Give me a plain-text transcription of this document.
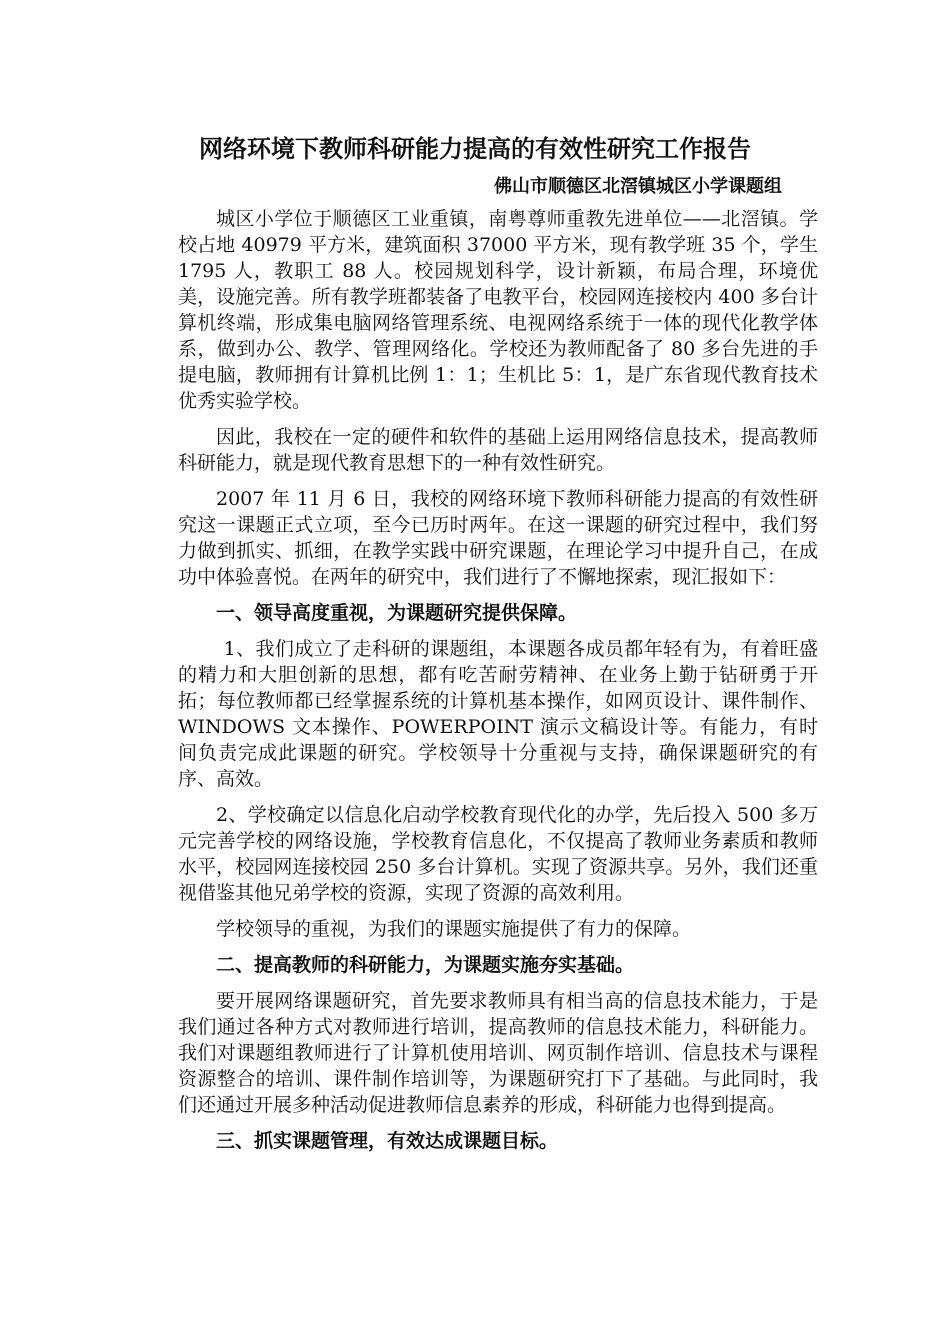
网络环境下教师科研能力提高的有效性研究工作报告
佛山市顺德区北滘镇城区小学课题组

城区小学位于顺德区工业重镇，南粤尊师重教先进单位——北滘镇。学校占地 40979 平方米，建筑面积 37000 平方米，现有教学班 35 个，学生 1795 人，教职工 88 人。校园规划科学，设计新颖，布局合理，环境优美，设施完善。所有教学班都装备了电教平台，校园网连接校内 400 多台计算机终端，形成集电脑网络管理系统、电视网络系统于一体的现代化教学体系，做到办公、教学、管理网络化。学校还为教师配备了 80 多台先进的手提电脑，教师拥有计算机比例 1：1；生机比 5：1，是广东省现代教育技术优秀实验学校。

因此，我校在一定的硬件和软件的基础上运用网络信息技术，提高教师科研能力，就是现代教育思想下的一种有效性研究。

2007 年 11 月 6 日，我校的网络环境下教师科研能力提高的有效性研究这一课题正式立项，至今已历时两年。在这一课题的研究过程中，我们努力做到抓实、抓细，在教学实践中研究课题，在理论学习中提升自己，在成功中体验喜悦。在两年的研究中，我们进行了不懈地探索，现汇报如下：

一、领导高度重视，为课题研究提供保障。

1、我们成立了走科研的课题组，本课题各成员都年轻有为，有着旺盛的精力和大胆创新的思想，都有吃苦耐劳精神、在业务上勤于钻研勇于开拓；每位教师都已经掌握系统的计算机基本操作，如网页设计、课件制作、WINDOWS 文本操作、POWERPOINT 演示文稿设计等。有能力，有时间负责完成此课题的研究。学校领导十分重视与支持，确保课题研究的有序、高效。

2、学校确定以信息化启动学校教育现代化的办学，先后投入 500 多万元完善学校的网络设施，学校教育信息化，不仅提高了教师业务素质和教师水平，校园网连接校园 250 多台计算机。实现了资源共享。另外，我们还重视借鉴其他兄弟学校的资源，实现了资源的高效利用。

学校领导的重视，为我们的课题实施提供了有力的保障。

二、提高教师的科研能力，为课题实施夯实基础。

要开展网络课题研究，首先要求教师具有相当高的信息技术能力，于是我们通过各种方式对教师进行培训，提高教师的信息技术能力，科研能力。我们对课题组教师进行了计算机使用培训、网页制作培训、信息技术与课程资源整合的培训、课件制作培训等，为课题研究打下了基础。与此同时，我们还通过开展多种活动促进教师信息素养的形成，科研能力也得到提高。

三、抓实课题管理，有效达成课题目标。
